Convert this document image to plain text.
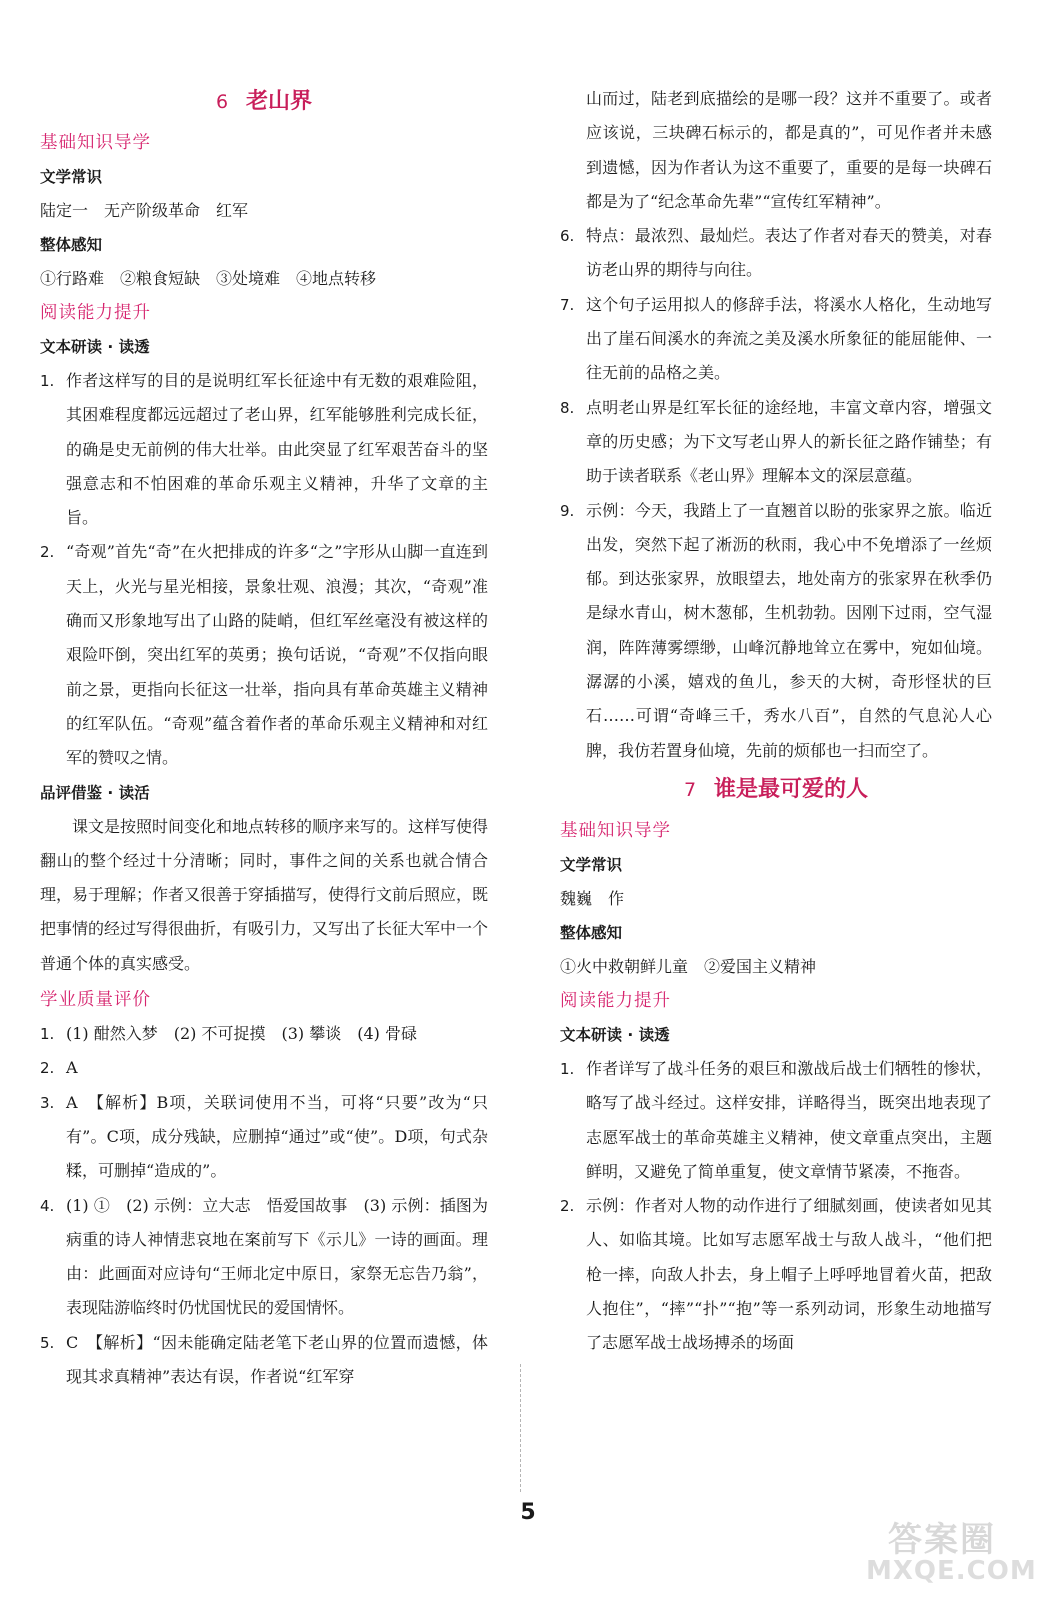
6 老山界
基础知识导学
文学常识
陆定一　无产阶级革命　红军
整体感知
①行路难　②粮食短缺　③处境难　④地点转移
阅读能力提升
文本研读 · 读透
1. 作者这样写的目的是说明红军长征途中有无数的艰难险阻，其困难程度都远远超过了老山界，红军能够胜利完成长征，的确是史无前例的伟大壮举。由此突显了红军艰苦奋斗的坚强意志和不怕困难的革命乐观主义精神，升华了文章的主旨。
2. “奇观”首先“奇”在火把排成的许多“之”字形从山脚一直连到天上，火光与星光相接，景象壮观、浪漫；其次，“奇观”准确而又形象地写出了山路的陡峭，但红军丝毫没有被这样的艰险吓倒，突出红军的英勇；换句话说，“奇观”不仅指向眼前之景，更指向长征这一壮举，指向具有革命英雄主义精神的红军队伍。“奇观”蕴含着作者的革命乐观主义精神和对红军的赞叹之情。
品评借鉴 · 读活
课文是按照时间变化和地点转移的顺序来写的。这样写使得翻山的整个经过十分清晰；同时，事件之间的关系也就合情合理，易于理解；作者又很善于穿插描写，使得行文前后照应，既把事情的经过写得很曲折，有吸引力，又写出了长征大军中一个普通个体的真实感受。
学业质量评价
1. (1) 酣然入梦　(2) 不可捉摸　(3) 攀谈　(4) 骨碌
2. A
3. A　【解析】B项，关联词使用不当，可将“只要”改为“只有”。C项，成分残缺，应删掉“通过”或“使”。D项，句式杂糅，可删掉“造成的”。
4. (1) ①　(2) 示例：立大志　悟爱国故事　(3) 示例：插图为病重的诗人神情悲哀地在案前写下《示儿》一诗的画面。理由：此画面对应诗句“王师北定中原日，家祭无忘告乃翁”，表现陆游临终时仍忧国忧民的爱国情怀。
5. C　【解析】“因未能确定陆老笔下老山界的位置而遗憾，体现其求真精神”表达有误，作者说“红军穿
山而过，陆老到底描绘的是哪一段？这并不重要了。或者应该说，三块碑石标示的，都是真的”，可见作者并未感到遗憾，因为作者认为这不重要了，重要的是每一块碑石都是为了“纪念革命先辈”“宣传红军精神”。
6. 特点：最浓烈、最灿烂。表达了作者对春天的赞美，对春访老山界的期待与向往。
7. 这个句子运用拟人的修辞手法，将溪水人格化，生动地写出了崖石间溪水的奔流之美及溪水所象征的能屈能伸、一往无前的品格之美。
8. 点明老山界是红军长征的途经地，丰富文章内容，增强文章的历史感；为下文写老山界人的新长征之路作铺垫；有助于读者联系《老山界》理解本文的深层意蕴。
9. 示例：今天，我踏上了一直翘首以盼的张家界之旅。临近出发，突然下起了淅沥的秋雨，我心中不免增添了一丝烦郁。到达张家界，放眼望去，地处南方的张家界在秋季仍是绿水青山，树木葱郁，生机勃勃。因刚下过雨，空气湿润，阵阵薄雾缥缈，山峰沉静地耸立在雾中，宛如仙境。潺潺的小溪，嬉戏的鱼儿，参天的大树，奇形怪状的巨石……可谓“奇峰三千，秀水八百”，自然的气息沁人心脾，我仿若置身仙境，先前的烦郁也一扫而空了。
7 谁是最可爱的人
基础知识导学
文学常识
魏巍　作
整体感知
①火中救朝鲜儿童　②爱国主义精神
阅读能力提升
文本研读 · 读透
1. 作者详写了战斗任务的艰巨和激战后战士们牺牲的惨状，略写了战斗经过。这样安排，详略得当，既突出地表现了志愿军战士的革命英雄主义精神，使文章重点突出，主题鲜明，又避免了简单重复，使文章情节紧凑，不拖沓。
2. 示例：作者对人物的动作进行了细腻刻画，使读者如见其人、如临其境。比如写志愿军战士与敌人战斗，“他们把枪一摔，向敌人扑去，身上帽子上呼呼地冒着火苗，把敌人抱住”，“摔”“扑”“抱”等一系列动词，形象生动地描写了志愿军战士战场搏杀的场面
5
答案圈
MXQE.COM
